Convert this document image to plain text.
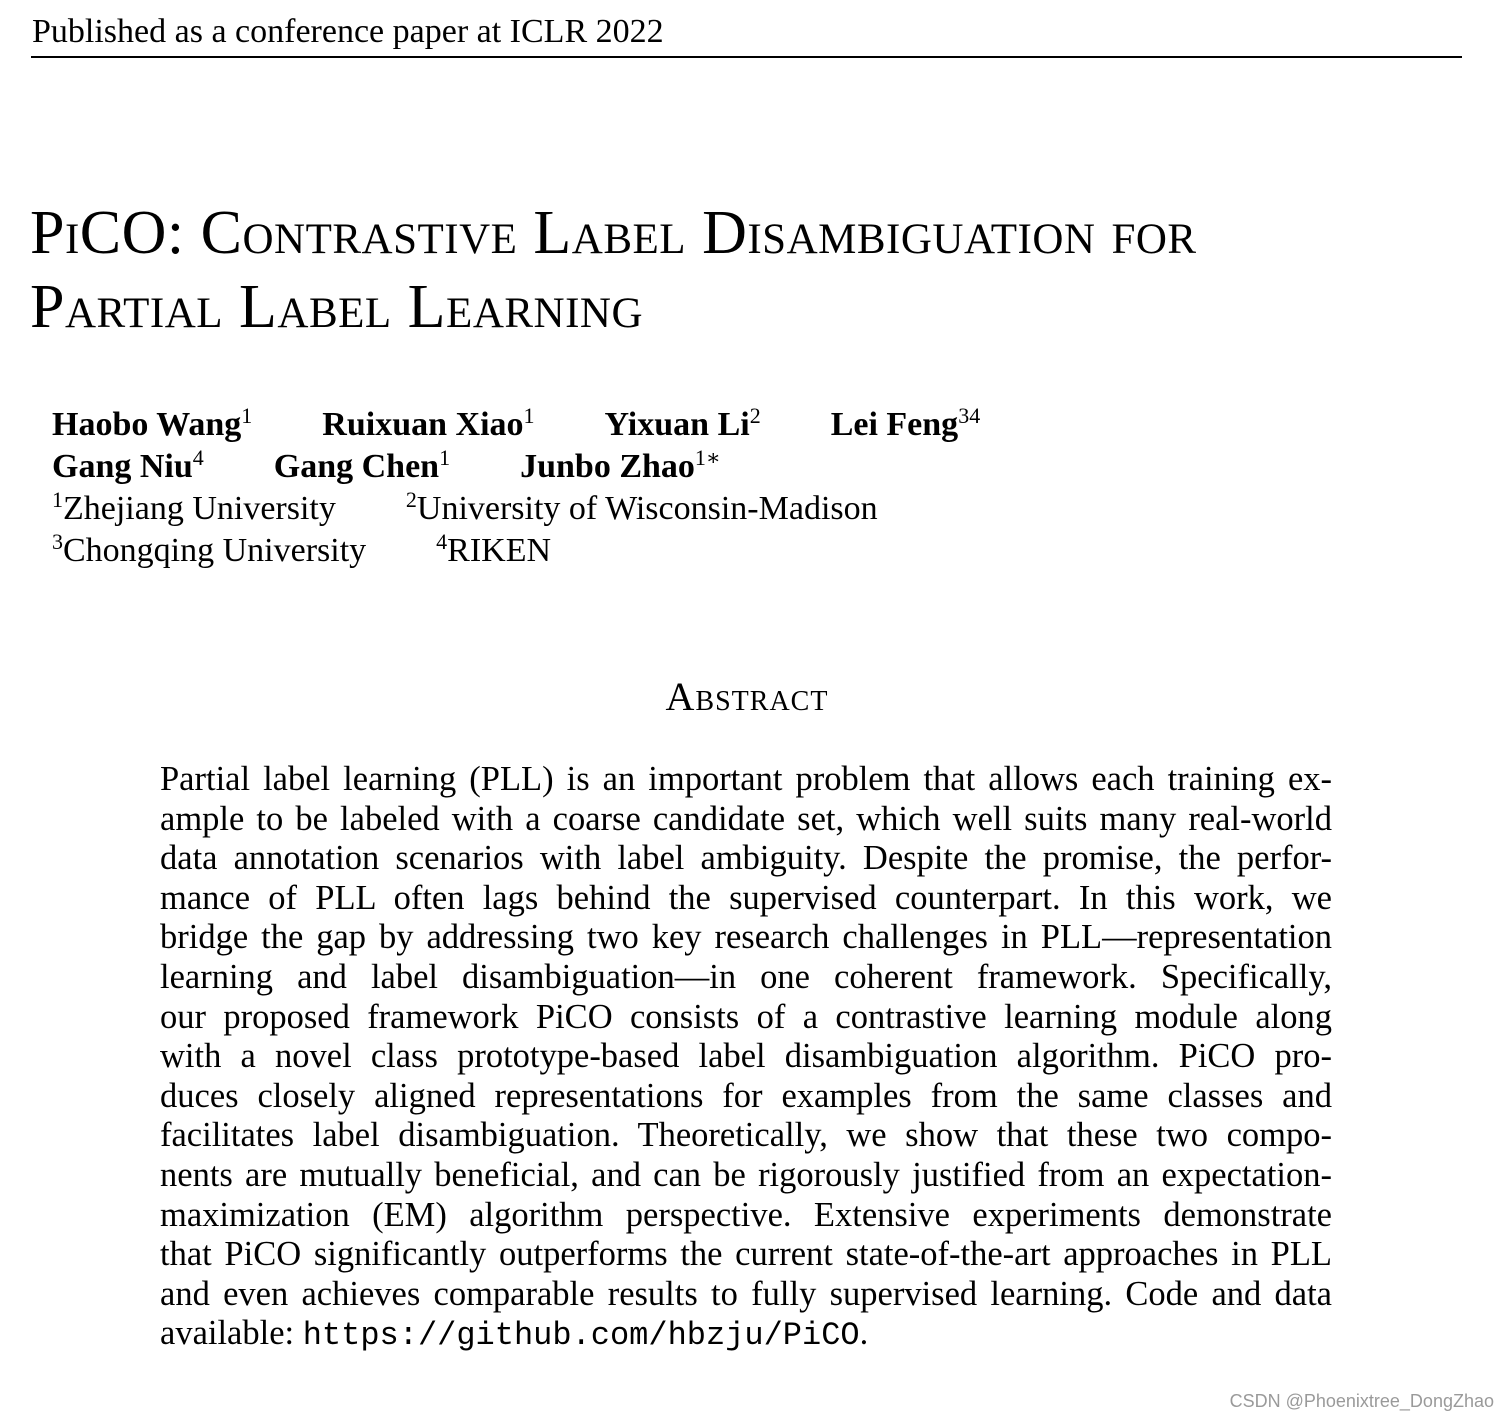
Published as a conference paper at ICLR 2022
PiCO: Contrastive Label Disambiguation for
Partial Label Learning
Haobo Wang$^1$ Ruixuan Xiao$^1$ Yixuan Li$^2$ Lei Feng$^{34}$
Gang Niu$^4$ Gang Chen$^1$ Junbo Zhao$^{1∗}$
$^1$Zhejiang University	$^2$University of Wisconsin-Madison
$^3$Chongqing University	$^4$RIKEN
Abstract
Partial label learning (PLL) is an important problem that allows each training ex-
ample to be labeled with a coarse candidate set, which well suits many real-world
data annotation scenarios with label ambiguity. Despite the promise, the perfor-
mance of PLL often lags behind the supervised counterpart. In this work, we
bridge the gap by addressing two key research challenges in PLL—representation
learning and label disambiguation—in one coherent framework. Specifically,
our proposed framework PiCO consists of a contrastive learning module along
with a novel class prototype-based label disambiguation algorithm. PiCO pro-
duces closely aligned representations for examples from the same classes and
facilitates label disambiguation. Theoretically, we show that these two compo-
nents are mutually beneficial, and can be rigorously justified from an expectation-
maximization (EM) algorithm perspective. Extensive experiments demonstrate
that PiCO significantly outperforms the current state-of-the-art approaches in PLL
and even achieves comparable results to fully supervised learning. Code and data
available: https://github.com/hbzju/PiCO.
CSDN @Phoenixtree_DongZhao
